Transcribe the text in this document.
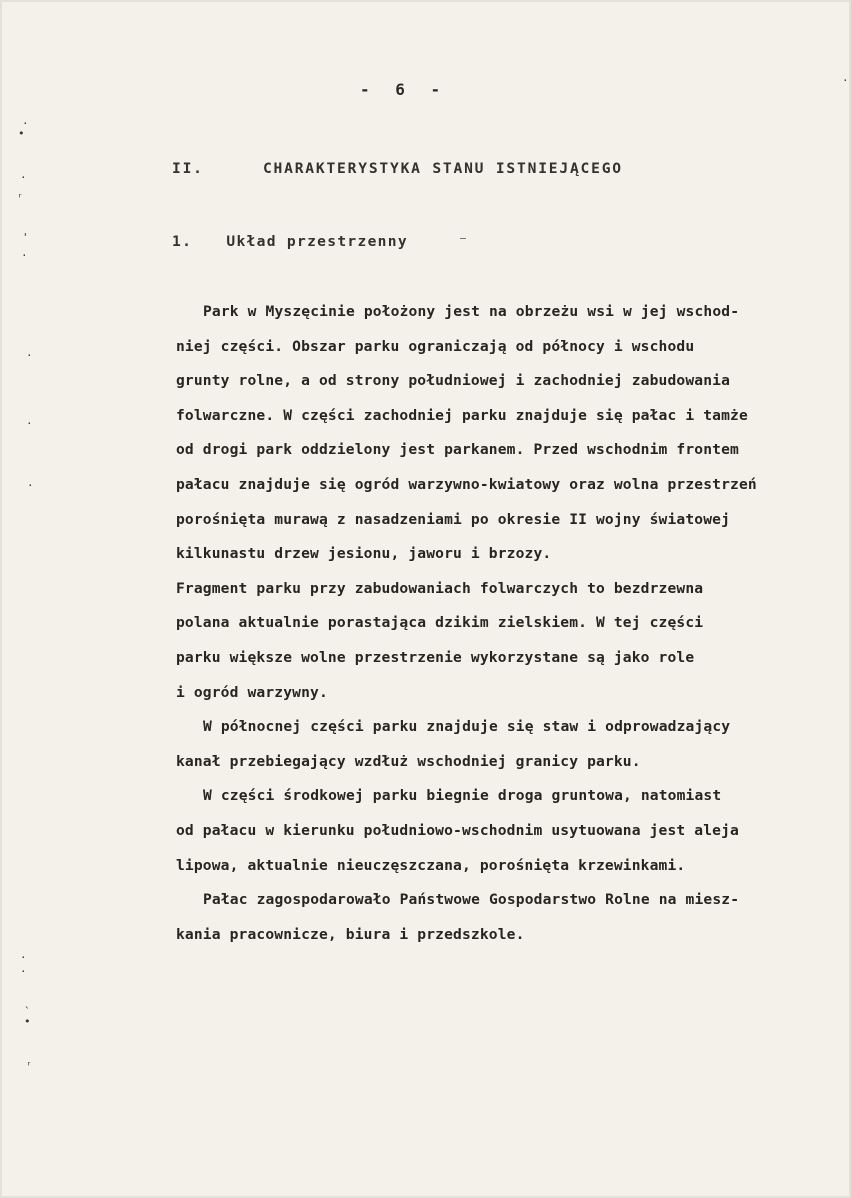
- 6 -
II.	CHARAKTERYSTYKA STANU ISTNIEJĄCEGO
1. Układ przestrzenny
Park w Myszęcinie położony jest na obrzeżu wsi w jej wschod-
niej części. Obszar parku ograniczają od północy i wschodu
grunty rolne, a od strony południowej i zachodniej zabudowania
folwarczne. W części zachodniej parku znajduje się pałac i tamże
od drogi park oddzielony jest parkanem. Przed wschodnim frontem
pałacu znajduje się ogród warzywno-kwiatowy oraz wolna przestrzeń
porośnięta murawą z nasadzeniami po okresie II wojny światowej
kilkunastu drzew jesionu, jaworu i brzozy.
Fragment parku przy zabudowaniach folwarczych to bezdrzewna
polana aktualnie porastająca dzikim zielskiem. W tej części
parku większe wolne przestrzenie wykorzystane są jako role
i ogród warzywny.
W północnej części parku znajduje się staw i odprowadzający
kanał przebiegający wzdłuż wschodniej granicy parku.
W części środkowej parku biegnie droga gruntowa, natomiast
od pałacu w kierunku południowo-wschodnim usytuowana jest aleja
lipowa, aktualnie nieuczęszczana, porośnięta krzewinkami.
Pałac zagospodarowało Państwowe Gospodarstwo Rolne na miesz-
kania pracownicze, biura i przedszkole.
·
•
·
ʳ
'
·
·
·
·
·
·
`
•
ʳ
·
